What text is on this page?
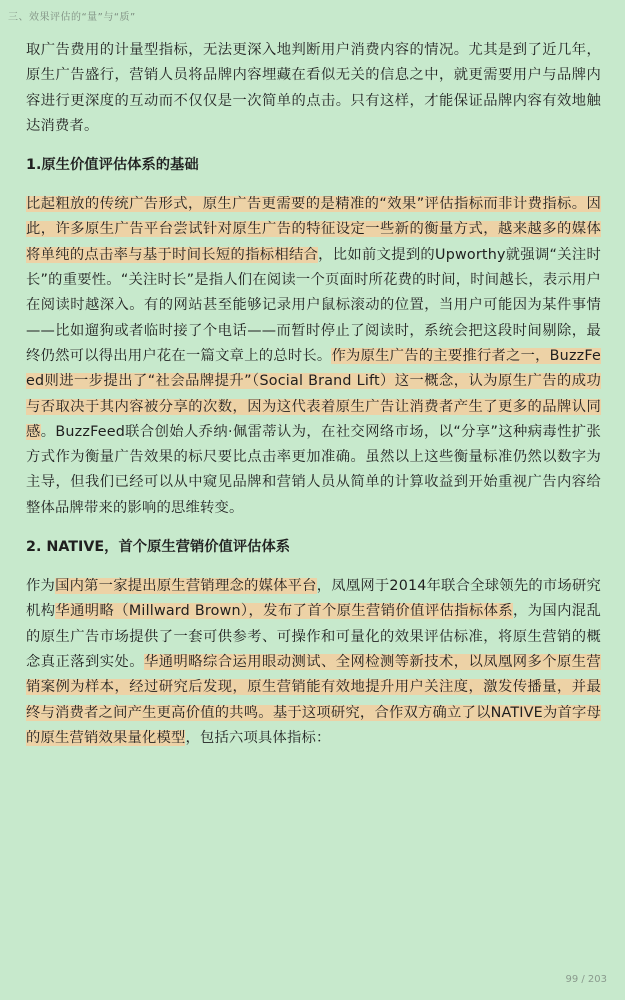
三、效果评估的“量”与“质”

取广告费用的计量型指标，无法更深入地判断用户消费内容的情况。尤其是到了近几年，原生广告盛行，营销人员将品牌内容埋藏在看似无关的信息之中，就更需要用户与品牌内容进行更深度的互动而不仅仅是一次简单的点击。只有这样，才能保证品牌内容有效地触达消费者。

1.原生价值评估体系的基础

比起粗放的传统广告形式，原生广告更需要的是精准的“效果”评估指标而非计费指标。因此，许多原生广告平台尝试针对原生广告的特征设定一些新的衡量方式，越来越多的媒体将单纯的点击率与基于时间长短的指标相结合，比如前文提到的Upworthy就强调“关注时长”的重要性。“关注时长”是指人们在阅读一个页面时所花费的时间，时间越长，表示用户在阅读时越深入。有的网站甚至能够记录用户鼠标滚动的位置，当用户可能因为某件事情——比如遛狗或者临时接了个电话——而暂时停止了阅读时，系统会把这段时间剔除，最终仍然可以得出用户花在一篇文章上的总时长。作为原生广告的主要推行者之一，BuzzFeed则进一步提出了“社会品牌提升”（Social Brand Lift）这一概念，认为原生广告的成功与否取决于其内容被分享的次数，因为这代表着原生广告让消费者产生了更多的品牌认同感。BuzzFeed联合创始人乔纳·佩雷蒂认为，在社交网络市场，以“分享”这种病毒性扩张方式作为衡量广告效果的标尺要比点击率更加准确。虽然以上这些衡量标准仍然以数字为主导，但我们已经可以从中窥见品牌和营销人员从简单的计算收益到开始重视广告内容给整体品牌带来的影响的思维转变。

2. NATIVE，首个原生营销价值评估体系

作为国内第一家提出原生营销理念的媒体平台，凤凰网于2014年联合全球领先的市场研究机构华通明略（Millward Brown），发布了首个原生营销价值评估指标体系，为国内混乱的原生广告市场提供了一套可供参考、可操作和可量化的效果评估标准，将原生营销的概念真正落到实处。华通明略综合运用眼动测试、全网检测等新技术，以凤凰网多个原生营销案例为样本，经过研究后发现，原生营销能有效地提升用户关注度，激发传播量，并最终与消费者之间产生更高价值的共鸣。基于这项研究，合作双方确立了以NATIVE为首字母的原生营销效果量化模型，包括六项具体指标：

99 / 203
